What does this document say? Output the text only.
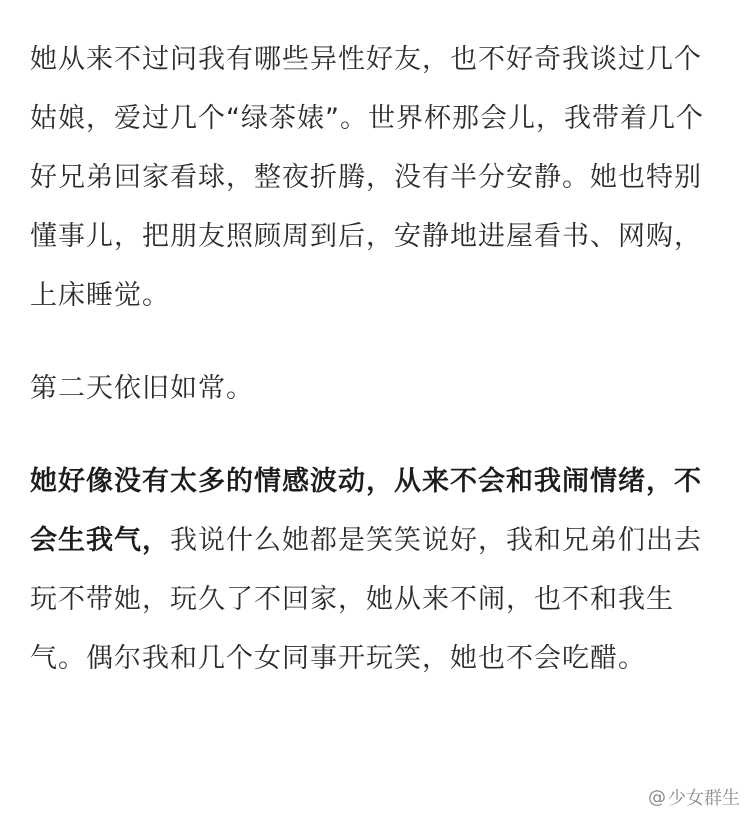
她从来不过问我有哪些异性好友，也不好奇我谈过几个姑娘，爱过几个“绿茶婊”。世界杯那会儿，我带着几个好兄弟回家看球，整夜折腾，没有半分安静。她也特别懂事儿，把朋友照顾周到后，安静地进屋看书、网购，上床睡觉。

第二天依旧如常。

她好像没有太多的情感波动，从来不会和我闹情绪，不会生我气，我说什么她都是笑笑说好，我和兄弟们出去玩不带她，玩久了不回家，她从来不闹，也不和我生气。偶尔我和几个女同事开玩笑，她也不会吃醋。

@ 少女群生
